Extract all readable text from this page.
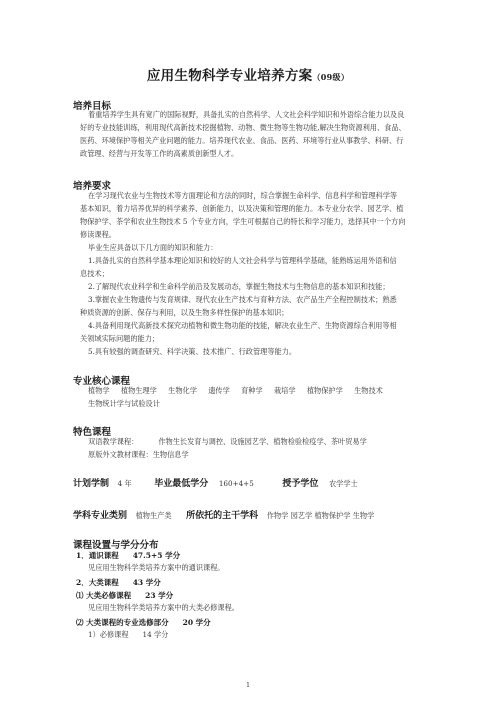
应用生物科学专业培养方案（09级）
培养目标
着重培养学生具有宽广的国际视野，具备扎实的自然科学、人文社会科学知识和外语综合能力以及良
好的专业技能训练，利用现代高新技术挖掘植物、动物、微生物等生物功能,解决生物资源利用、食品、
医药、环境保护等相关产业问题的能力。培养现代农业、食品、医药、环境等行业从事教学、科研、行
政管理、经营与开发等工作的高素质创新型人才。
培养要求
在学习现代农业与生物技术等方面理论和方法的同时，综合掌握生命科学、信息科学和管理科学等
基本知识，着力培养优异的科学素养、创新能力，以及决策和管理的能力。本专业分农学、园艺学、植
物保护学、茶学和农业生物技术 5 个专业方向，学生可根据自己的特长和学习能力，选择其中一个方向
修读课程。
毕业生应具备以下几方面的知识和能力：
1.具备扎实的自然科学基本理论知识和较好的人文社会科学与管理科学基础，能熟练运用外语和信
息技术；
2.了解现代农业科学和生命科学前沿及发展动态，掌握生物技术与生物信息的基本知识和技能；
3.掌握农业生物遗传与发育规律、现代农业生产技术与育种方法、农产品生产全程控制技术；熟悉
种质资源的创新、保存与利用，以及生物多样性保护的基本知识；
4.具备利用现代高新技术探究动植物和微生物功能的技能，解决农业生产、生物资源综合利用等相
关领域实际问题的能力；
5.具有较强的调查研究、科学决策、技术推广、行政管理等能力。
专业核心课程
植物学 植物生理学 生物化学 遗传学 育种学 栽培学 植物保护学 生物技术
生物统计学与试验设计
特色课程
双语教学课程：	作物生长发育与调控、设施园艺学、植物检验检疫学、茶叶贸易学
原版外文教材课程：生物信息学
计划学制 4 年	毕业最低学分 160+4+5	授予学位 农学学士
学科专业类别 植物生产类 所依托的主干学科 作物学 园艺学 植物保护学 生物学
课程设置与学分分布
1．通识课程 47.5+5 学分
见应用生物科学类培养方案中的通识课程。
2．大类课程 43 学分
⑴ 大类必修课程 23 学分
见应用生物科学类培养方案中的大类必修课程。
⑵ 大类课程的专业选修部分 20 学分
1）必修课程 14 学分
1
